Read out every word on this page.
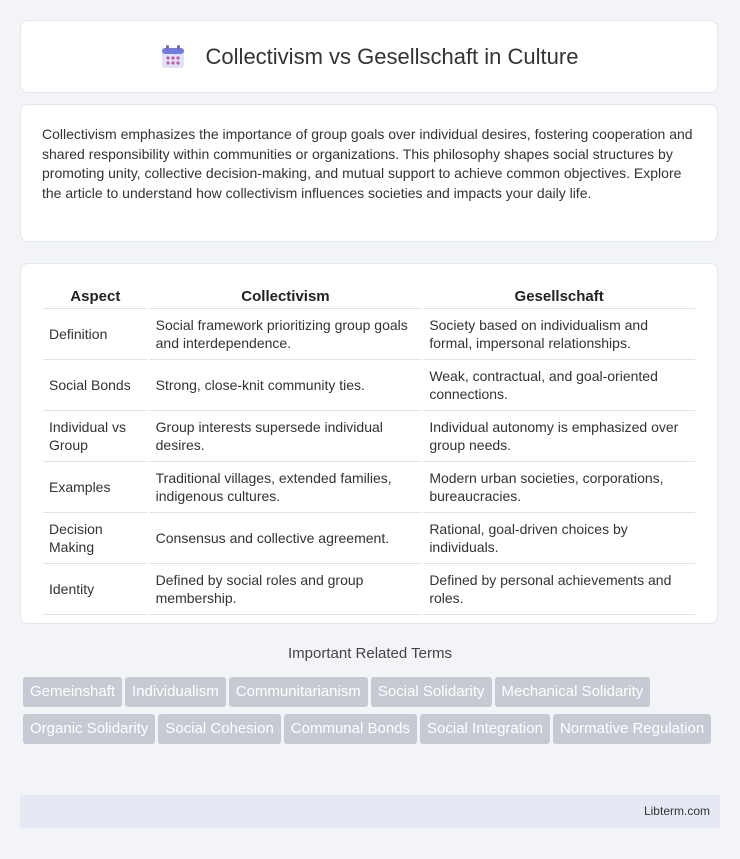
Collectivism vs Gesellschaft in Culture

Collectivism emphasizes the importance of group goals over individual desires, fostering cooperation and shared responsibility within communities or organizations. This philosophy shapes social structures by promoting unity, collective decision-making, and mutual support to achieve common objectives. Explore the article to understand how collectivism influences societies and impacts your daily life.

Aspect	Collectivism	Gesellschaft
Definition	Social framework prioritizing group goals and interdependence.	Society based on individualism and formal, impersonal relationships.
Social Bonds	Strong, close-knit community ties.	Weak, contractual, and goal-oriented connections.
Individual vs Group	Group interests supersede individual desires.	Individual autonomy is emphasized over group needs.
Examples	Traditional villages, extended families, indigenous cultures.	Modern urban societies, corporations, bureaucracies.
Decision Making	Consensus and collective agreement.	Rational, goal-driven choices by individuals.
Identity	Defined by social roles and group membership.	Defined by personal achievements and roles.
Important Related Terms
Gemeinshaft Individualism Communitarianism Social Solidarity Mechanical SolidarityOrganic Solidarity Social Cohesion Communal Bonds Social Integration Normative Regulation
Libterm.com
